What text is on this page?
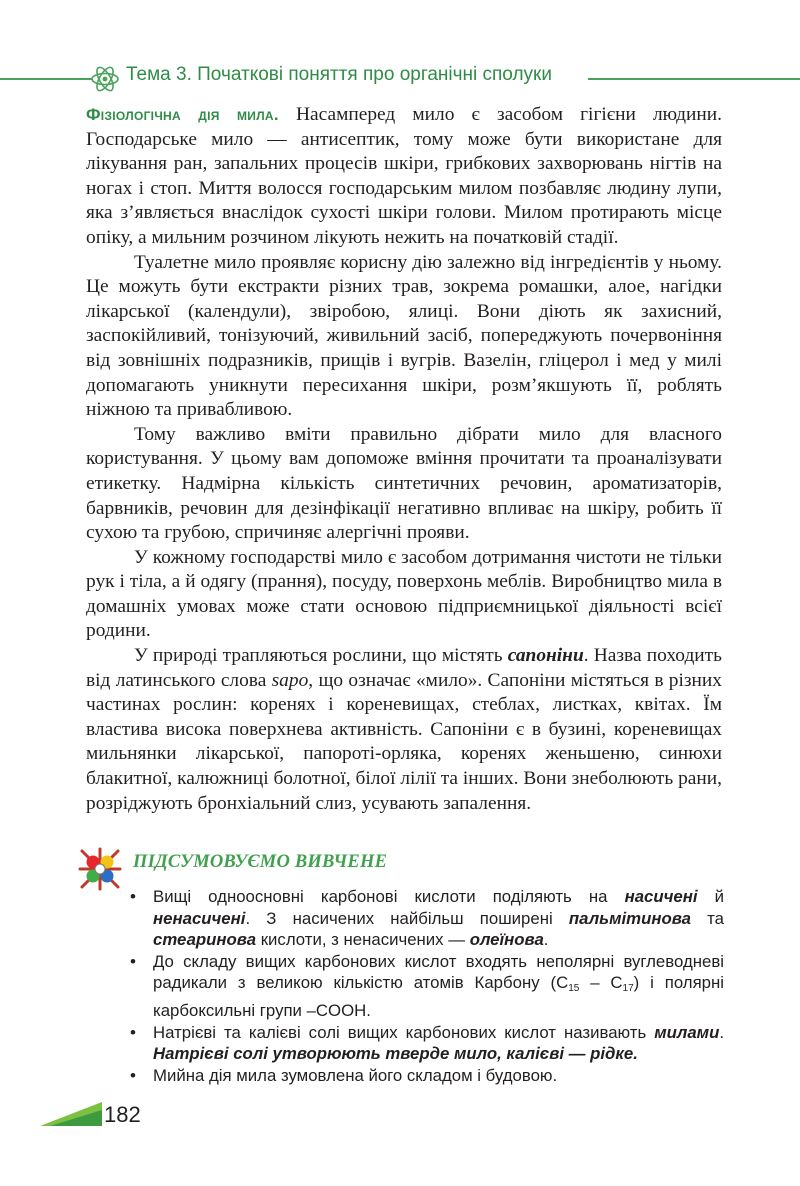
Тема 3. Початкові поняття про органічні сполуки

Фізіологічна дія мила. Насамперед мило є засобом гігієни людини. Господарське мило — антисептик, тому може бути використане для лікування ран, запальних процесів шкіри, грибкових захворювань нігтів на ногах і стоп. Миття волосся господарським милом позбавляє людину лупи, яка з’являється внаслідок сухості шкіри голови. Милом протирають місце опіку, а мильним розчином лікують нежить на початковій стадії.

Туалетне мило проявляє корисну дію залежно від інгредієнтів у ньому. Це можуть бути екстракти різних трав, зокрема ромашки, алое, нагідки лікарської (календули), звіробою, ялиці. Вони діють як захисний, заспокійливий, тонізуючий, живильний засіб, попереджують почервоніння від зовнішніх подразників, прищів і вугрів. Вазелін, гліцерол і мед у милі допомагають уникнути пересихання шкіри, розм’якшують її, роблять ніжною та привабливою.

Тому важливо вміти правильно дібрати мило для власного користування. У цьому вам допоможе вміння прочитати та проаналізувати етикетку. Надмірна кількість синтетичних речовин, ароматизаторів, барвників, речовин для дезінфікації негативно впливає на шкіру, робить її сухою та грубою, спричиняє алергічні прояви.

У кожному господарстві мило є засобом дотримання чистоти не тільки рук і тіла, а й одягу (прання), посуду, поверхонь меблів. Виробництво мила в домашніх умовах може стати основою підприємницької діяльності всієї родини.

У природі трапляються рослини, що містять сапоніни. Назва походить від латинського слова sapo, що означає «мило». Сапоніни містяться в різних частинах рослин: коренях і кореневищах, стеблах, листках, квітах. Їм властива висока поверхнева активність. Сапоніни є в бузині, кореневищах мильнянки лікарської, папороті-орляка, коренях женьшеню, синюхи блакитної, калюжниці болотної, білої лілії та інших. Вони знеболюють рани, розріджують бронхіальний слиз, усувають запалення.

ПІДСУМОВУЄМО ВИВЧЕНЕ
• Вищі одноосновні карбонові кислоти поділяють на насичені й ненасичені. З насичених найбільш поширені пальмітинова та стеаринова кислоти, з ненасичених — олеїнова.
• До складу вищих карбонових кислот входять неполярні вуглеводневі радикали з великою кількістю атомів Карбону $(C_{15} - C_{17})$ і полярні карбоксильні групи –COOH.
• Натрієві та калієві солі вищих карбонових кислот називають милами. Натрієві солі утворюють тверде мило, калієві — рідке.
• Мийна дія мила зумовлена його складом і будовою.
182
